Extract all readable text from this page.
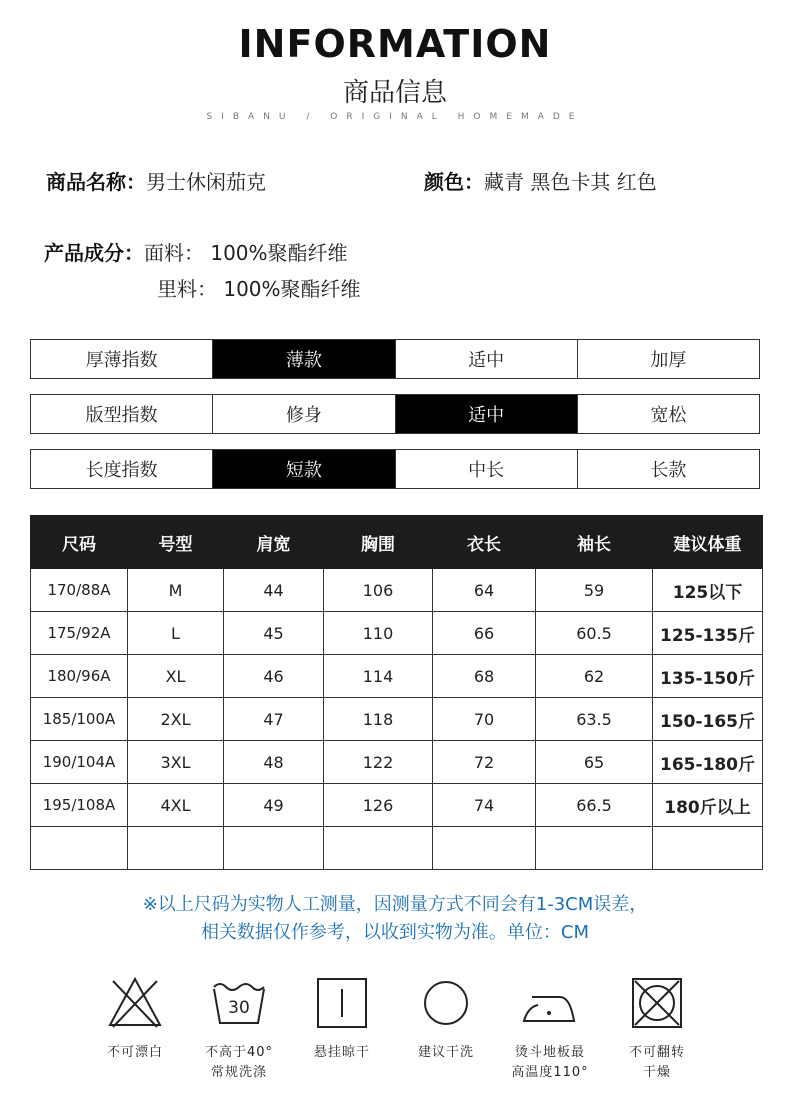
INFORMATION
商品信息
SIBANU / ORIGINAL HOMEMADE
商品名称：男士休闲茄克	颜色：藏青 黑色卡其 红色
产品成分：面料： 100%聚酯纤维
里料： 100%聚酯纤维
厚薄指数	薄款	适中	加厚
版型指数	修身	适中	宽松
长度指数	短款	中长	长款
尺码	号型	肩宽	胸围	衣长	袖长	建议体重
170/88A	M	44	106	64	59	125以下
175/92A	L	45	110	66	60.5	125-135斤
180/96A	XL	46	114	68	62	135-150斤
185/100A	2XL	47	118	70	63.5	150-165斤
190/104A	3XL	48	122	72	65	165-180斤
195/108A	4XL	49	126	74	66.5	180斤以上

※以上尺码为实物人工测量，因测量方式不同会有1-3CM误差，
相关数据仅作参考，以收到实物为准。单位：CM
不可漂白

30
不高于40°
常规洗涤
悬挂晾干	建议干洗	烫斗地板最
高温度110°
不可翻转
干燥
